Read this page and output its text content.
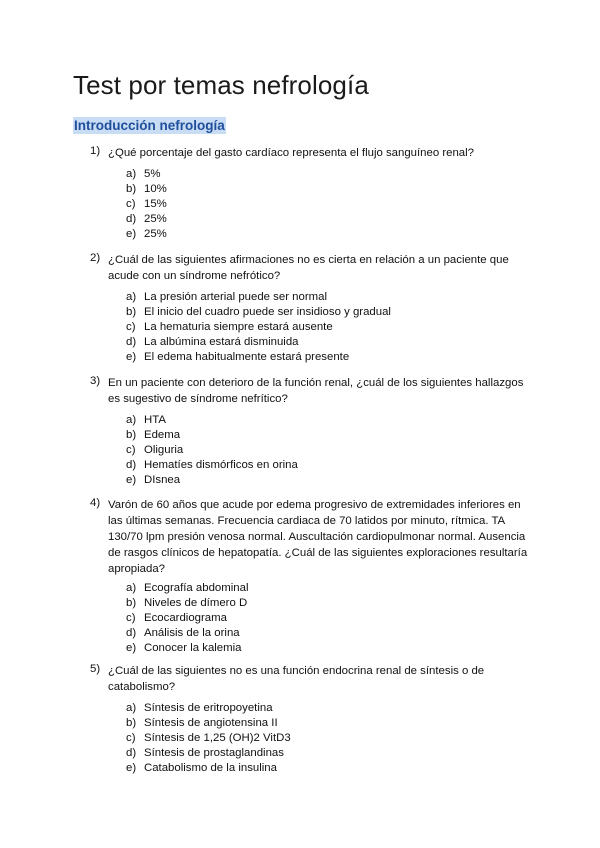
Test por temas nefrología
Introducción nefrología
1) ¿Qué porcentaje del gasto cardíaco representa el flujo sanguíneo renal?
a) 5%
b) 10%
c) 15%
d) 25%
e) 25%
2) ¿Cuál de las siguientes afirmaciones no es cierta en relación a un paciente que acude con un síndrome nefrótico?
a) La presión arterial puede ser normal
b) El inicio del cuadro puede ser insidioso y gradual
c) La hematuria siempre estará ausente
d) La albúmina estará disminuida
e) El edema habitualmente estará presente
3) En un paciente con deterioro de la función renal, ¿cuál de los siguientes hallazgos es sugestivo de síndrome nefrítico?
a) HTA
b) Edema
c) Oliguria
d) Hematíes dismórficos en orina
e) DIsnea
4) Varón de 60 años que acude por edema progresivo de extremidades inferiores en las últimas semanas. Frecuencia cardiaca de 70 latidos por minuto, rítmica. TA 130/70 lpm presión venosa normal. Auscultación cardiopulmonar normal. Ausencia de rasgos clínicos de hepatopatía. ¿Cuál de las siguientes exploraciones resultaría apropiada?
a) Ecografía abdominal
b) Niveles de dímero D
c) Ecocardiograma
d) Análisis de la orina
e) Conocer la kalemia
5) ¿Cuál de las siguientes no es una función endocrina renal de síntesis o de catabolismo?
a) Síntesis de eritropoyetina
b) Síntesis de angiotensina II
c) Síntesis de 1,25 (OH)2 VitD3
d) Síntesis de prostaglandinas
e) Catabolismo de la insulina
